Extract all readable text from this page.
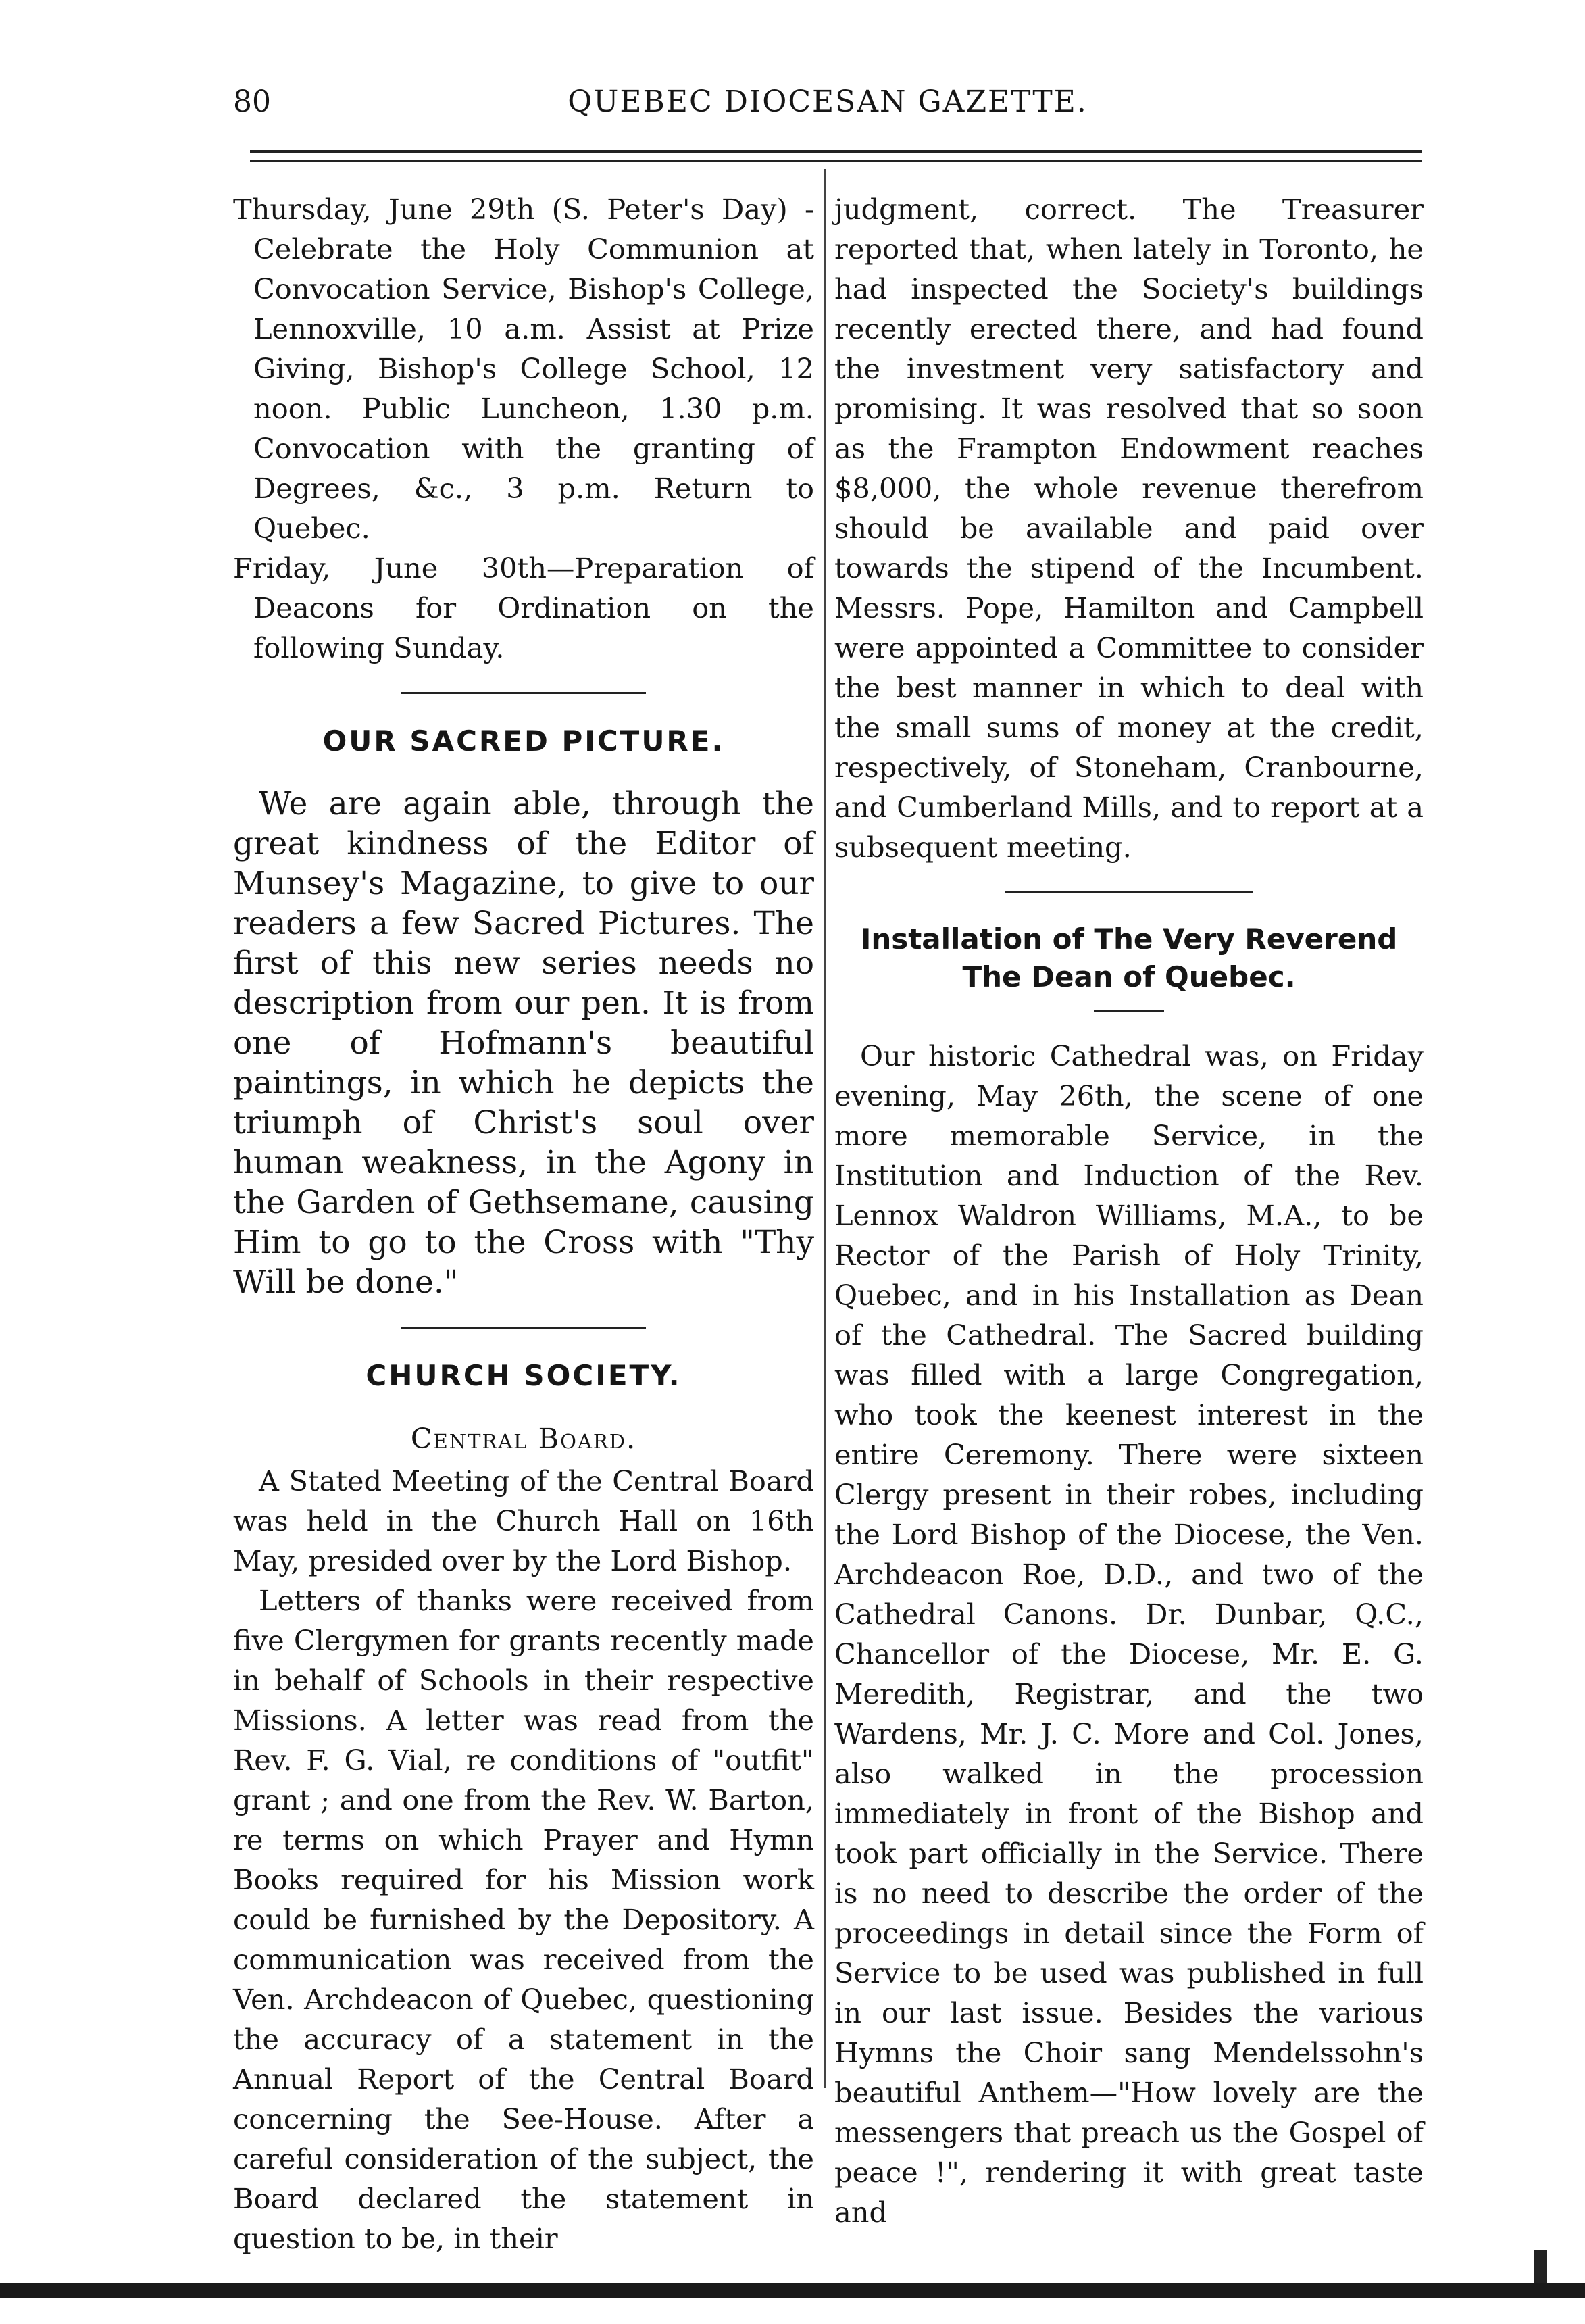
80	QUEBEC DIOCESAN GAZETTE.

Thursday, June 29th (S. Peter's Day) - Celebrate the Holy Communion at Convocation Service, Bishop's College, Lennoxville, 10 a.m. Assist at Prize Giving, Bishop's College School, 12 noon. Public Luncheon, 1.30 p.m. Convocation with the granting of Degrees, &c., 3 p.m. Return to Quebec.

Friday, June 30th—Preparation of Deacons for Ordination on the following Sunday.

OUR SACRED PICTURE.

We are again able, through the great kindness of the Editor of Munsey's Magazine, to give to our readers a few Sacred Pictures. The first of this new series needs no description from our pen. It is from one of Hofmann's beautiful paintings, in which he depicts the triumph of Christ's soul over human weakness, in the Agony in the Garden of Gethsemane, causing Him to go to the Cross with "Thy Will be done."

CHURCH SOCIETY.

Central Board.

A Stated Meeting of the Central Board was held in the Church Hall on 16th May, presided over by the Lord Bishop.

Letters of thanks were received from five Clergymen for grants recently made in behalf of Schools in their respective Missions. A letter was read from the Rev. F. G. Vial, re conditions of "outfit" grant ; and one from the Rev. W. Barton, re terms on which Prayer and Hymn Books required for his Mission work could be furnished by the Depository. A communication was received from the Ven. Archdeacon of Quebec, questioning the accuracy of a statement in the Annual Report of the Central Board concerning the See-House. After a careful consideration of the subject, the Board declared the statement in question to be, in their

judgment, correct. The Treasurer reported that, when lately in Toronto, he had inspected the Society's buildings recently erected there, and had found the investment very satisfactory and promising. It was resolved that so soon as the Frampton Endowment reaches $8,000, the whole revenue therefrom should be available and paid over towards the stipend of the Incumbent. Messrs. Pope, Hamilton and Campbell were appointed a Committee to consider the best manner in which to deal with the small sums of money at the credit, respectively, of Stoneham, Cranbourne, and Cumberland Mills, and to report at a subsequent meeting.

Installation of The Very Reverend The Dean of Quebec.

Our historic Cathedral was, on Friday evening, May 26th, the scene of one more memorable Service, in the Institution and Induction of the Rev. Lennox Waldron Williams, M.A., to be Rector of the Parish of Holy Trinity, Quebec, and in his Installation as Dean of the Cathedral. The Sacred building was filled with a large Congregation, who took the keenest interest in the entire Ceremony. There were sixteen Clergy present in their robes, including the Lord Bishop of the Diocese, the Ven. Archdeacon Roe, D.D., and two of the Cathedral Canons. Dr. Dunbar, Q.C., Chancellor of the Diocese, Mr. E. G. Meredith, Registrar, and the two Wardens, Mr. J. C. More and Col. Jones, also walked in the procession immediately in front of the Bishop and took part officially in the Service. There is no need to describe the order of the proceedings in detail since the Form of Service to be used was published in full in our last issue. Besides the various Hymns the Choir sang Mendelssohn's beautiful Anthem—"How lovely are the messengers that preach us the Gospel of peace !", rendering it with great taste and
